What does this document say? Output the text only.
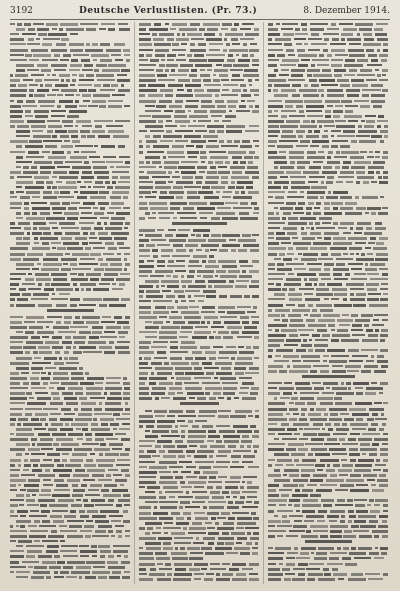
3192	Deutsche Verlustlisten. (Pr. 73.)	8. Dezember 1914.
